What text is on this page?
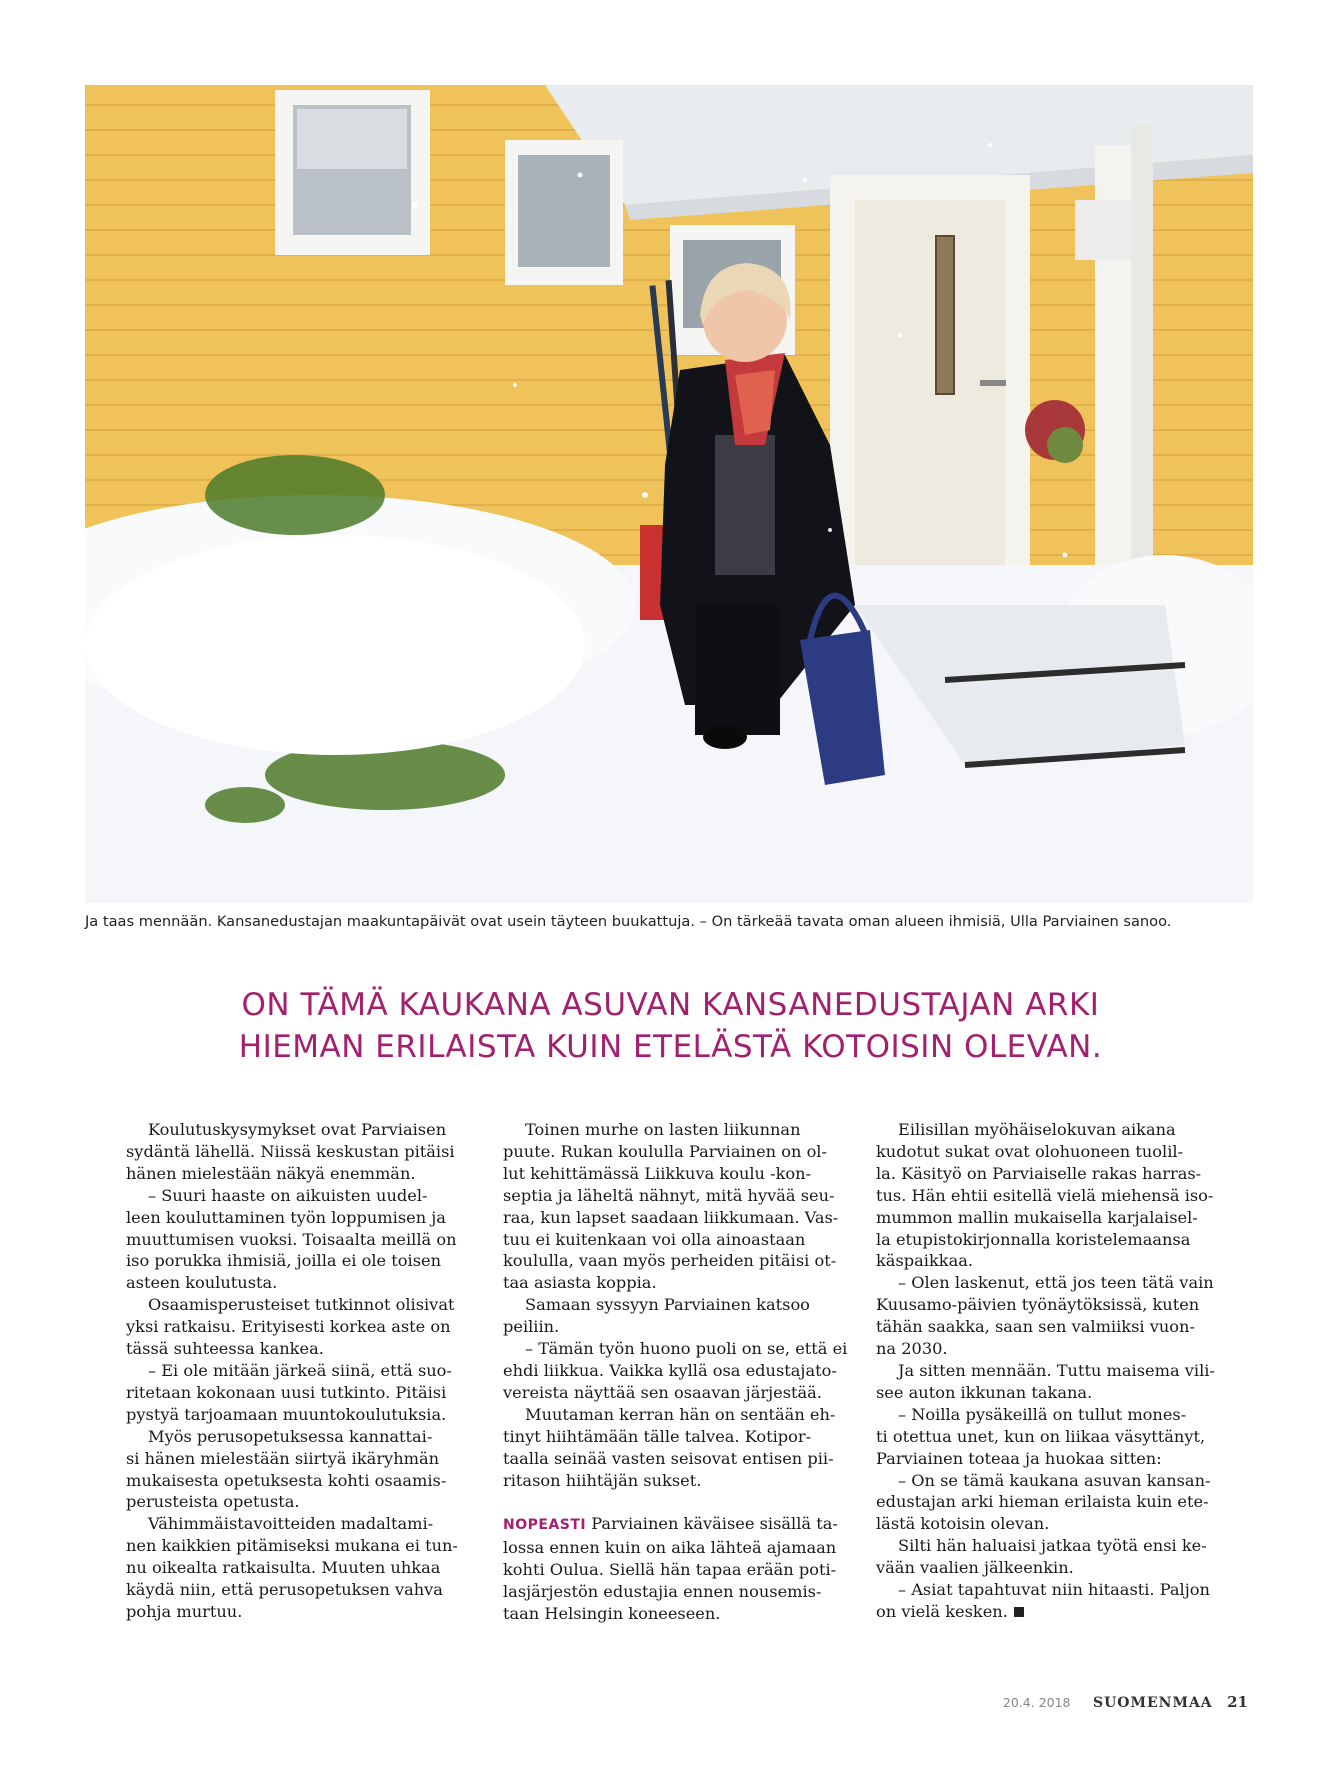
Ja taas mennään. Kansanedustajan maakuntapäivät ovat usein täyteen buukattuja. – On tärkeää tavata oman alueen ihmisiä, Ulla Parviainen sanoo.
ON TÄMÄ KAUKANA ASUVAN KANSANEDUSTAJAN ARKI
HIEMAN ERILAISTA KUIN ETELÄSTÄ KOTOISIN OLEVAN.

Koulutuskysymykset ovat Parviaisen

sydäntä lähellä. Niissä keskustan pitäisi

hänen mielestään näkyä enemmän.

– Suuri haaste on aikuisten uudel-

leen kouluttaminen työn loppumisen ja

muuttumisen vuoksi. Toisaalta meillä on

iso porukka ihmisiä, joilla ei ole toisen

asteen koulutusta.

Osaamisperusteiset tutkinnot olisivat

yksi ratkaisu. Erityisesti korkea aste on

tässä suhteessa kankea.

– Ei ole mitään järkeä siinä, että suo-

ritetaan kokonaan uusi tutkinto. Pitäisi

pystyä tarjoamaan muuntokoulutuksia.

Myös perusopetuksessa kannattai-

si hänen mielestään siirtyä ikäryhmän

mukaisesta opetuksesta kohti osaamis-

perusteista opetusta.

Vähimmäistavoitteiden madaltami-

nen kaikkien pitämiseksi mukana ei tun-

nu oikealta ratkaisulta. Muuten uhkaa

käydä niin, että perusopetuksen vahva

pohja murtuu.

Toinen murhe on lasten liikunnan

puute. Rukan koululla Parviainen on ol-

lut kehittämässä Liikkuva koulu -kon-

septia ja läheltä nähnyt, mitä hyvää seu-

raa, kun lapset saadaan liikkumaan. Vas-

tuu ei kuitenkaan voi olla ainoastaan

koululla, vaan myös perheiden pitäisi ot-

taa asiasta koppia.

Samaan syssyyn Parviainen katsoo

peiliin.

– Tämän työn huono puoli on se, että ei

ehdi liikkua. Vaikka kyllä osa edustajato-

vereista näyttää sen osaavan järjestää.

Muutaman kerran hän on sentään eh-

tinyt hiihtämään tälle talvea. Kotipor-

taalla seinää vasten seisovat entisen pii-

ritason hiihtäjän sukset.

NOPEASTI Parviainen käväisee sisällä ta-

lossa ennen kuin on aika lähteä ajamaan

kohti Oulua. Siellä hän tapaa erään poti-

lasjärjestön edustajia ennen nousemis-

taan Helsingin koneeseen.

Eilisillan myöhäiselokuvan aikana

kudotut sukat ovat olohuoneen tuolil-

la. Käsityö on Parviaiselle rakas harras-

tus. Hän ehtii esitellä vielä miehensä iso-

mummon mallin mukaisella karjalaisel-

la etupistokirjonnalla koristelemaansa

käspaikkaa.

– Olen laskenut, että jos teen tätä vain

Kuusamo-päivien työnäytöksissä, kuten

tähän saakka, saan sen valmiiksi vuon-

na 2030.

Ja sitten mennään. Tuttu maisema vili-

see auton ikkunan takana.

– Noilla pysäkeillä on tullut mones-

ti otettua unet, kun on liikaa väsyttänyt,

Parviainen toteaa ja huokaa sitten:

– On se tämä kaukana asuvan kansan-

edustajan arki hieman erilaista kuin ete-

lästä kotoisin olevan.

Silti hän haluaisi jatkaa työtä ensi ke-

vään vaalien jälkeenkin.

– Asiat tapahtuvat niin hitaasti. Paljon

on vielä kesken.

20.4. 2018 SUOMENMAA 21
